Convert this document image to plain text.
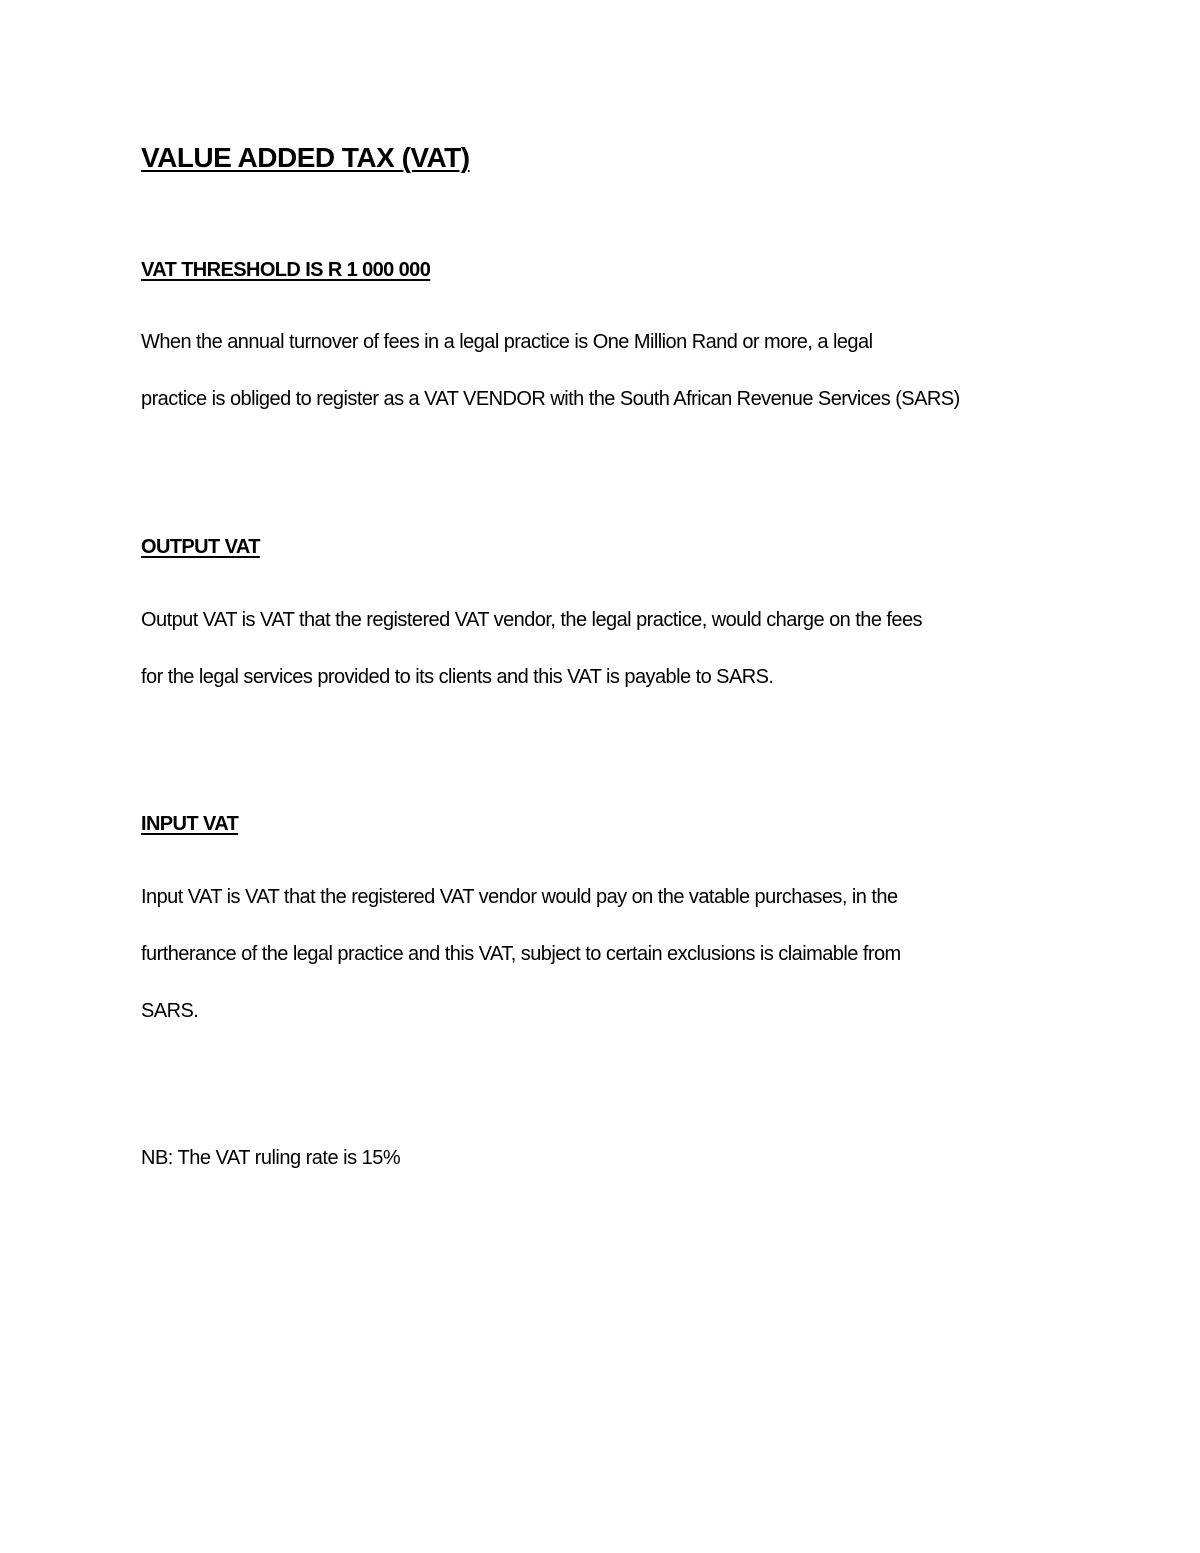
VALUE ADDED TAX (VAT)
VAT THRESHOLD IS R 1 000 000

When the annual turnover of fees in a legal practice is One Million Rand or more, a legal
practice is obliged to register as a VAT VENDOR with the South African Revenue Services (SARS)

OUTPUT VAT

Output VAT is VAT that the registered VAT vendor, the legal practice, would charge on the fees
for the legal services provided to its clients and this VAT is payable to SARS.

INPUT VAT

Input VAT is VAT that the registered VAT vendor would pay on the vatable purchases, in the
furtherance of the legal practice and this VAT, subject to certain exclusions is claimable from
SARS.

NB: The VAT ruling rate is 15%
